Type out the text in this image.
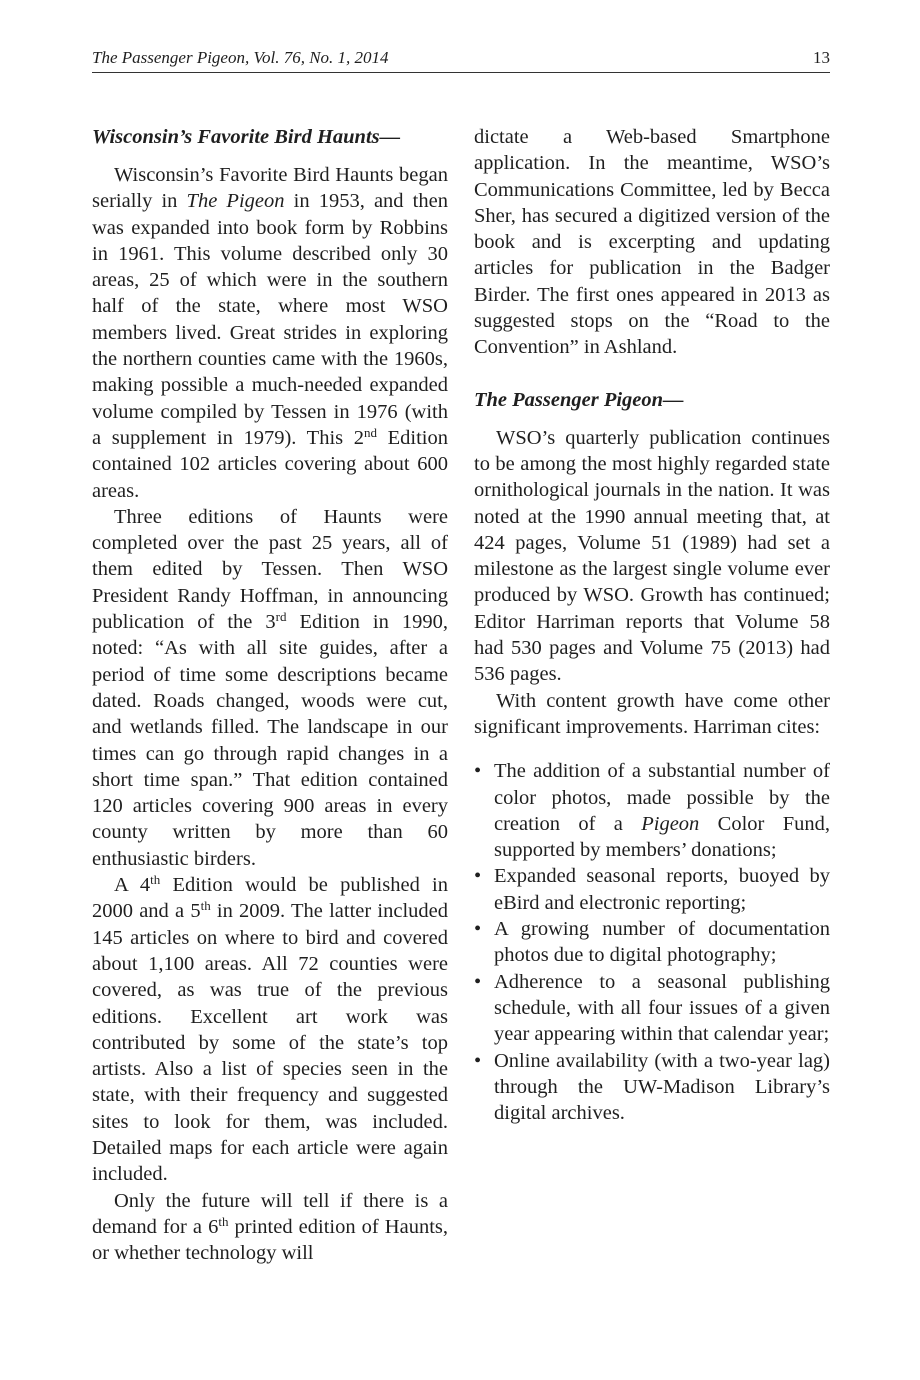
The Passenger Pigeon, Vol. 76, No. 1, 2014	13
Wisconsin’s Favorite Bird Haunts—

Wisconsin’s Favorite Bird Haunts began serially in The Pigeon in 1953, and then was expanded into book form by Robbins in 1961. This volume described only 30 areas, 25 of which were in the southern half of the state, where most WSO members lived. Great strides in exploring the northern counties came with the 1960s, making possible a much-needed expanded volume compiled by Tessen in 1976 (with a supplement in 1979). This 2nd Edition contained 102 articles covering about 600 areas.

Three editions of Haunts were completed over the past 25 years, all of them edited by Tessen. Then WSO President Randy Hoffman, in announcing publication of the 3rd Edition in 1990, noted: “As with all site guides, after a period of time some descriptions became dated. Roads changed, woods were cut, and wetlands filled. The landscape in our times can go through rapid changes in a short time span.” That edition contained 120 articles covering 900 areas in every county written by more than 60 enthusiastic birders.

A 4th Edition would be published in 2000 and a 5th in 2009. The latter included 145 articles on where to bird and covered about 1,100 areas. All 72 counties were covered, as was true of the previous editions. Excellent art work was contributed by some of the state’s top artists. Also a list of species seen in the state, with their frequency and suggested sites to look for them, was included. Detailed maps for each article were again included.

Only the future will tell if there is a demand for a 6th printed edition of Haunts, or whether technology will

dictate a Web-based Smartphone application. In the meantime, WSO’s Communications Committee, led by Becca Sher, has secured a digitized version of the book and is excerpting and updating articles for publication in the Badger Birder. The first ones appeared in 2013 as suggested stops on the “Road to the Convention” in Ashland.

The Passenger Pigeon—

WSO’s quarterly publication continues to be among the most highly regarded state ornithological journals in the nation. It was noted at the 1990 annual meeting that, at 424 pages, Volume 51 (1989) had set a milestone as the largest single volume ever produced by WSO. Growth has continued; Editor Harriman reports that Volume 58 had 530 pages and Volume 75 (2013) had 536 pages.

With content growth have come other significant improvements. Harriman cites:

• The addition of a substantial number of color photos, made possible by the creation of a Pigeon Color Fund, supported by members’ donations;
• Expanded seasonal reports, buoyed by eBird and electronic reporting;
• A growing number of documentation photos due to digital photography;
• Adherence to a seasonal publishing schedule, with all four issues of a given year appearing within that calendar year;
• Online availability (with a two-year lag) through the UW-Madison Library’s digital archives.
